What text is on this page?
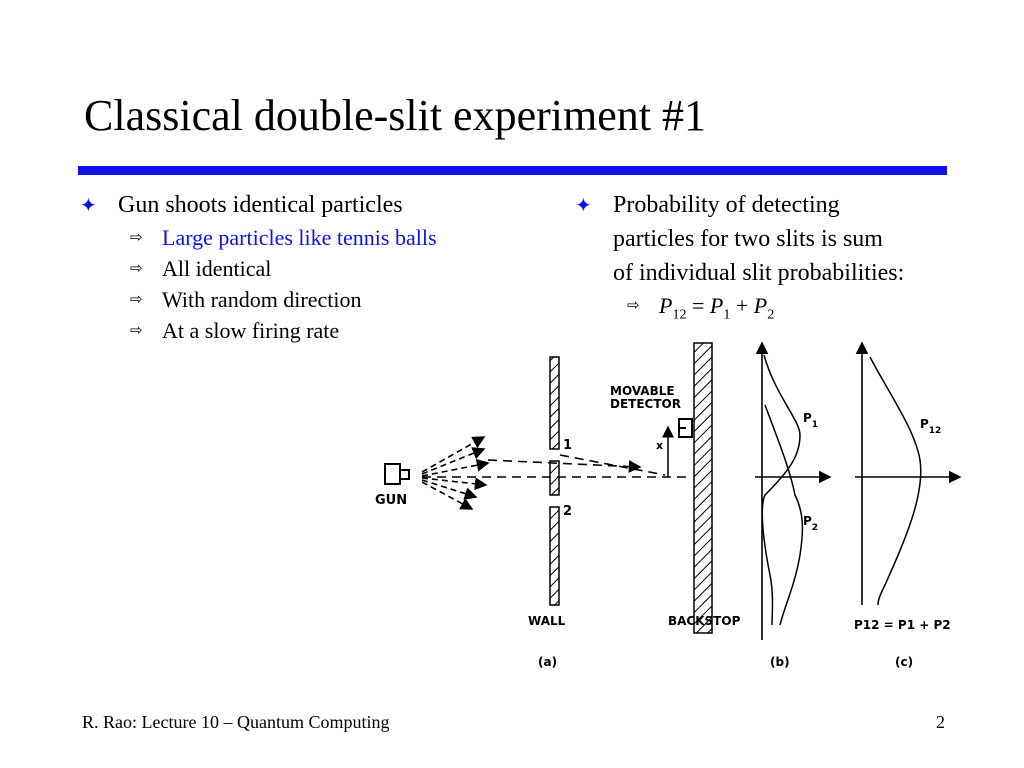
Classical double-slit experiment #1
✦ Gun shoots identical particles
⇨ Large particles like tennis balls
⇨ All identical
⇨ With random direction
⇨ At a slow firing rate
✦ Probability of detecting
particles for two slits is sum
of individual slit probabilities:
⇨ $P_{12} = P_1 + P_2$
GUN
1
2
MOVABLE
DETECTOR
x
$P_1$
$P_2$
$P_{12}$
WALL	BACKSTOP	P12 = P1 + P2
(a)	(b)	(c)
R. Rao: Lecture 10 – Quantum Computing	2
